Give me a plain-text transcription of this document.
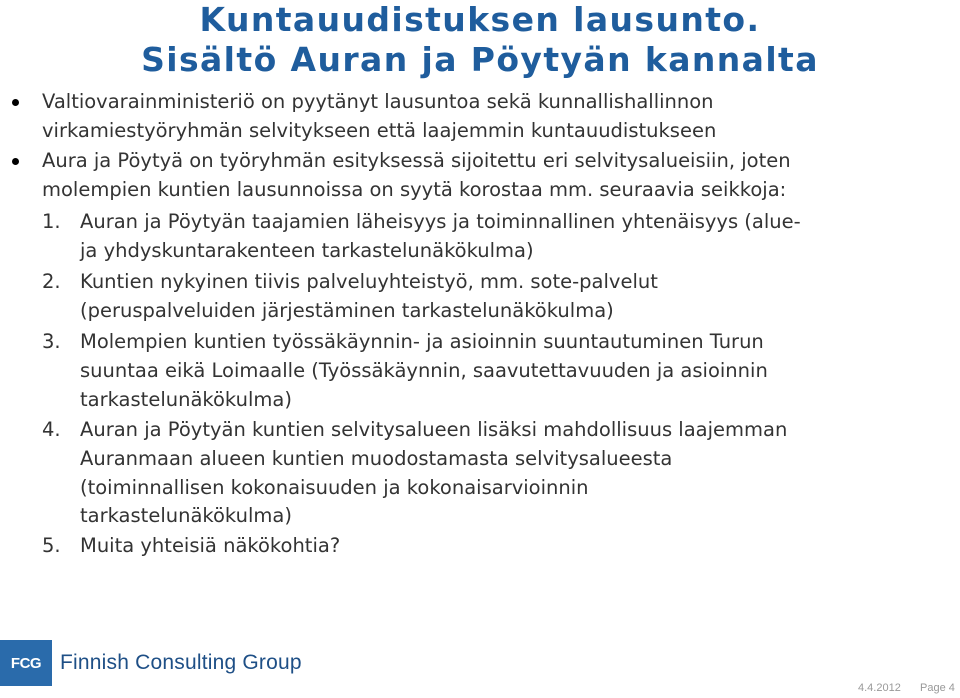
Kuntauudistuksen lausunto.
Sisältö Auran ja Pöytyän kannalta
Valtiovarainministeriö on pyytänyt lausuntoa sekä kunnallishallinnon
virkamiestyöryhmän selvitykseen että laajemmin kuntauudistukseen
Aura ja Pöytyä on työryhmän esityksessä sijoitettu eri selvitysalueisiin, joten
molempien kuntien lausunnoissa on syytä korostaa mm. seuraavia seikkoja:
1. Auran ja Pöytyän taajamien läheisyys ja toiminnallinen yhtenäisyys (alue-
ja yhdyskuntarakenteen tarkastelunäkökulma)
2. Kuntien nykyinen tiivis palveluyhteistyö, mm. sote-palvelut
(peruspalveluiden järjestäminen tarkastelunäkökulma)
3. Molempien kuntien työssäkäynnin- ja asioinnin suuntautuminen Turun
suuntaa eikä Loimaalle (Työssäkäynnin, saavutettavuuden ja asioinnin
tarkastelunäkökulma)
4. Auran ja Pöytyän kuntien selvitysalueen lisäksi mahdollisuus laajemman
Auranmaan alueen kuntien muodostamasta selvitysalueesta
(toiminnallisen kokonaisuuden ja kokonaisarvioinnin
tarkastelunäkökulma)
5. Muita yhteisiä näkökohtia?
FCG Finnish Consulting Group
4.4.2012 Page 4
